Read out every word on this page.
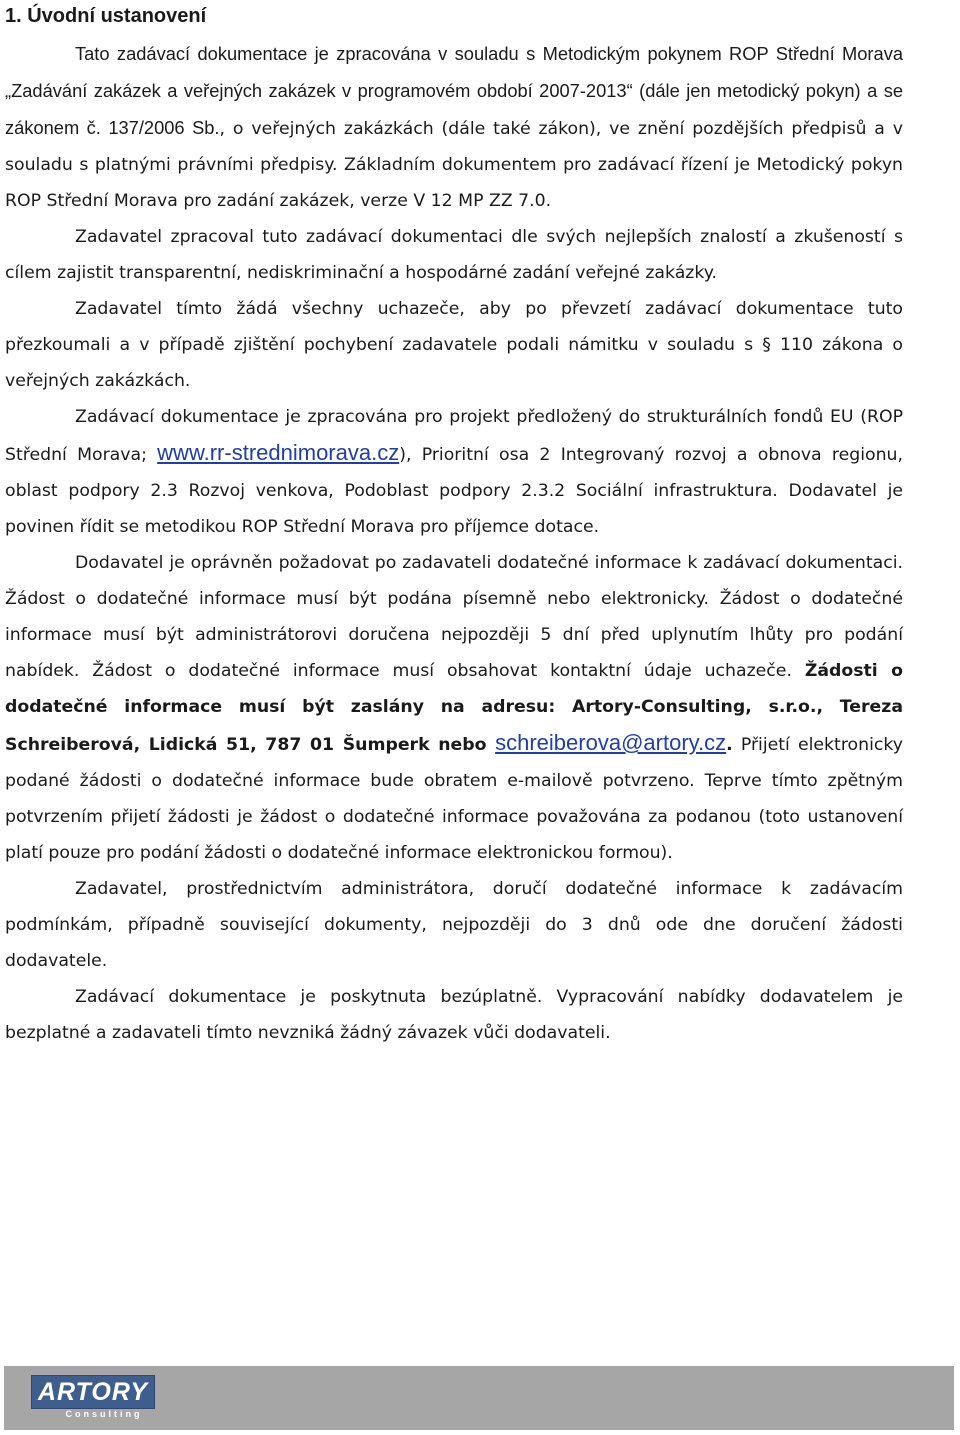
1. Úvodní ustanovení

Tato zadávací dokumentace je zpracována v souladu s Metodickým pokynem ROP Střední Morava „Zadávání zakázek a veřejných zakázek v programovém období 2007-2013“ (dále jen metodický pokyn) a se zákonem č. 137/2006 Sb., o veřejných zakázkách (dále také zákon), ve znění pozdějších předpisů a v souladu s platnými právními předpisy. Základním dokumentem pro zadávací řízení je Metodický pokyn ROP Střední Morava pro zadání zakázek, verze V 12 MP ZZ 7.0.

Zadavatel zpracoval tuto zadávací dokumentaci dle svých nejlepších znalostí a zkušeností s cílem zajistit transparentní, nediskriminační a hospodárné zadání veřejné zakázky.

Zadavatel tímto žádá všechny uchazeče, aby po převzetí zadávací dokumentace tuto přezkoumali a v případě zjištění pochybení zadavatele podali námitku v souladu s § 110 zákona o veřejných zakázkách.

Zadávací dokumentace je zpracována pro projekt předložený do strukturálních fondů EU (ROP Střední Morava; www.rr-strednimorava.cz), Prioritní osa 2 Integrovaný rozvoj a obnova regionu, oblast podpory 2.3 Rozvoj venkova, Podoblast podpory 2.3.2 Sociální infrastruktura. Dodavatel je povinen řídit se metodikou ROP Střední Morava pro příjemce dotace.

Dodavatel je oprávněn požadovat po zadavateli dodatečné informace k zadávací dokumentaci. Žádost o dodatečné informace musí být podána písemně nebo elektronicky. Žádost o dodatečné informace musí být administrátorovi doručena nejpozději 5 dní před uplynutím lhůty pro podání nabídek. Žádost o dodatečné informace musí obsahovat kontaktní údaje uchazeče. Žádosti o dodatečné informace musí být zaslány na adresu: Artory-Consulting, s.r.o., Tereza Schreiberová, Lidická 51, 787 01 Šumperk nebo schreiberova@artory.cz. Přijetí elektronicky podané žádosti o dodatečné informace bude obratem e-mailově potvrzeno. Teprve tímto zpětným potvrzením přijetí žádosti je žádost o dodatečné informace považována za podanou (toto ustanovení platí pouze pro podání žádosti o dodatečné informace elektronickou formou).

Zadavatel, prostřednictvím administrátora, doručí dodatečné informace k zadávacím podmínkám, případně související dokumenty, nejpozději do 3 dnů ode dne doručení žádosti dodavatele.

Zadávací dokumentace je poskytnuta bezúplatně. Vypracování nabídky dodavatelem je bezplatné a zadavateli tímto nevzniká žádný závazek vůči dodavateli.

ARTORY
Consulting
